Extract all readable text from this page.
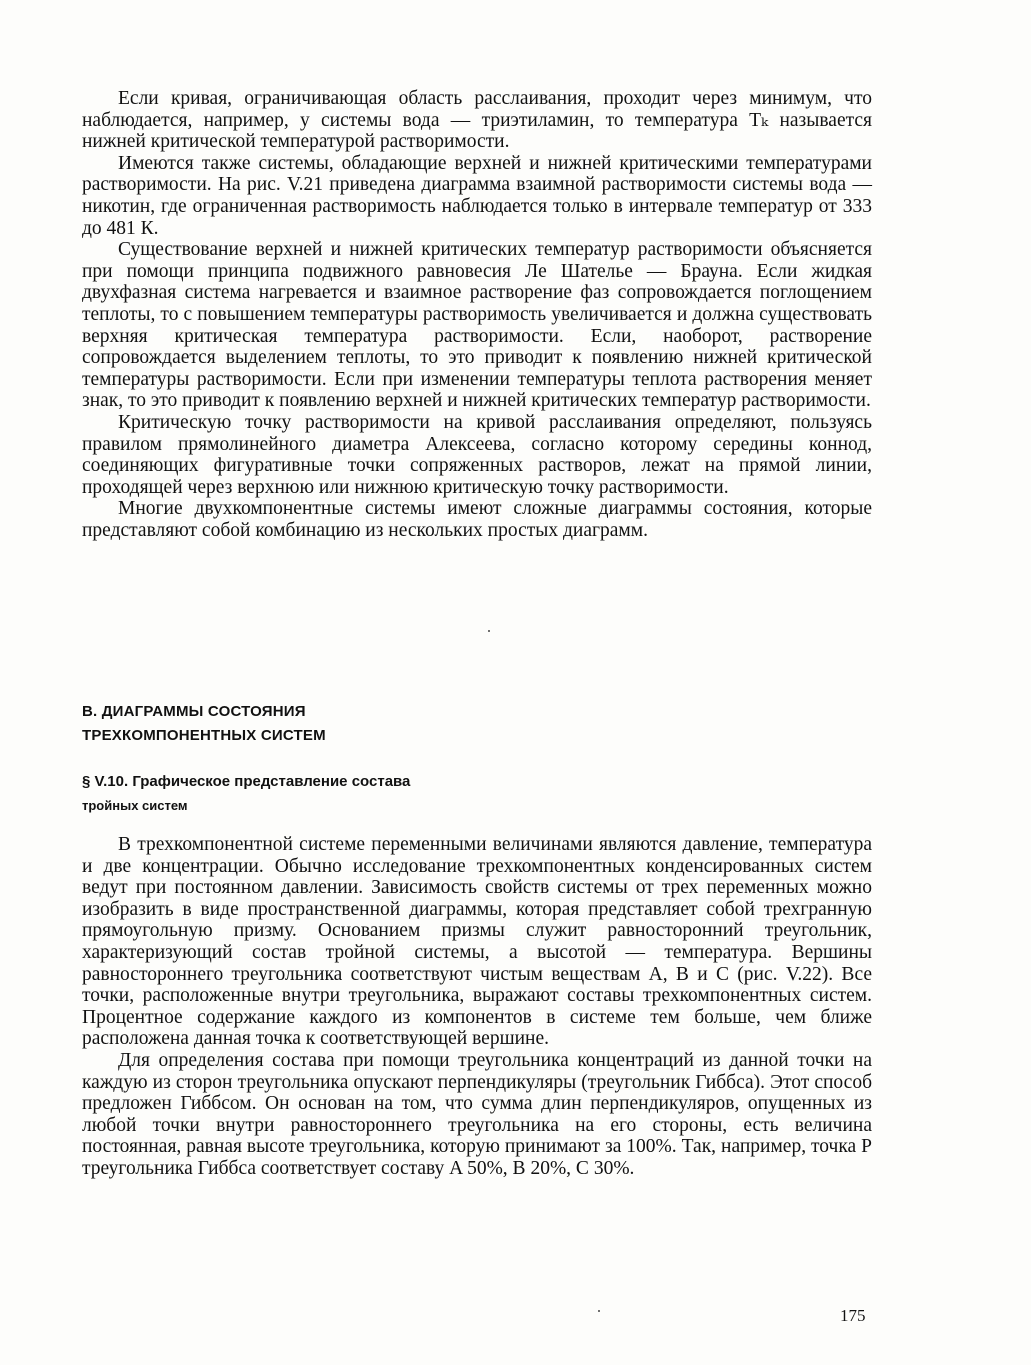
Если кривая, ограничивающая область расслаивания, проходит через минимум, что наблюдается, например, у системы вода — триэтиламин, то температура Tₖ называется нижней критической температурой растворимости.

Имеются также системы, обладающие верхней и нижней критическими температурами растворимости. На рис. V.21 приведена диаграмма взаимной растворимости системы вода — никотин, где ограниченная растворимость наблюдается только в интервале температур от 333 до 481 К.

Существование верхней и нижней критических температур растворимости объясняется при помощи принципа подвижного равновесия Ле Шателье — Брауна. Если жидкая двухфазная система нагревается и взаимное растворение фаз сопровождается поглощением теплоты, то с повышением температуры растворимость увеличивается и должна существовать верхняя критическая температура растворимости. Если, наоборот, растворение сопровождается выделением теплоты, то это приводит к появлению нижней критической температуры растворимости. Если при изменении температуры теплота растворения меняет знак, то это приводит к появлению верхней и нижней критических температур растворимости.

Критическую точку растворимости на кривой расслаивания определяют, пользуясь правилом прямолинейного диаметра Алексеева, согласно которому середины коннод, соединяющих фигуративные точки сопряженных растворов, лежат на прямой линии, проходящей через верхнюю или нижнюю критическую точку растворимости.

Многие двухкомпонентные системы имеют сложные диаграммы состояния, которые представляют собой комбинацию из нескольких простых диаграмм.

В. ДИАГРАММЫ СОСТОЯНИЯ
ТРЕХКОМПОНЕНТНЫХ СИСТЕМ
§ V.10. Графическое представление состава
тройных систем

В трехкомпонентной системе переменными величинами являются давление, температура и две концентрации. Обычно исследование трехкомпонентных конденсированных систем ведут при постоянном давлении. Зависимость свойств системы от трех переменных можно изобразить в виде пространственной диаграммы, которая представляет собой трехгранную прямоугольную призму. Основанием призмы служит равносторонний треугольник, характеризующий состав тройной системы, а высотой — температура. Вершины равностороннего треугольника соответствуют чистым веществам A, B и C (рис. V.22). Все точки, расположенные внутри треугольника, выражают составы трехкомпонентных систем. Процентное содержание каждого из компонентов в системе тем больше, чем ближе расположена данная точка к соответствующей вершине.

Для определения состава при помощи треугольника концентраций из данной точки на каждую из сторон треугольника опускают перпендикуляры (треугольник Гиббса). Этот способ предложен Гиббсом. Он основан на том, что сумма длин перпендикуляров, опущенных из любой точки внутри равностороннего треугольника на его стороны, есть величина постоянная, равная высоте треугольника, которую принимают за 100%. Так, например, точка P треугольника Гиббса соответствует составу A 50%, B 20%, C 30%.

175
